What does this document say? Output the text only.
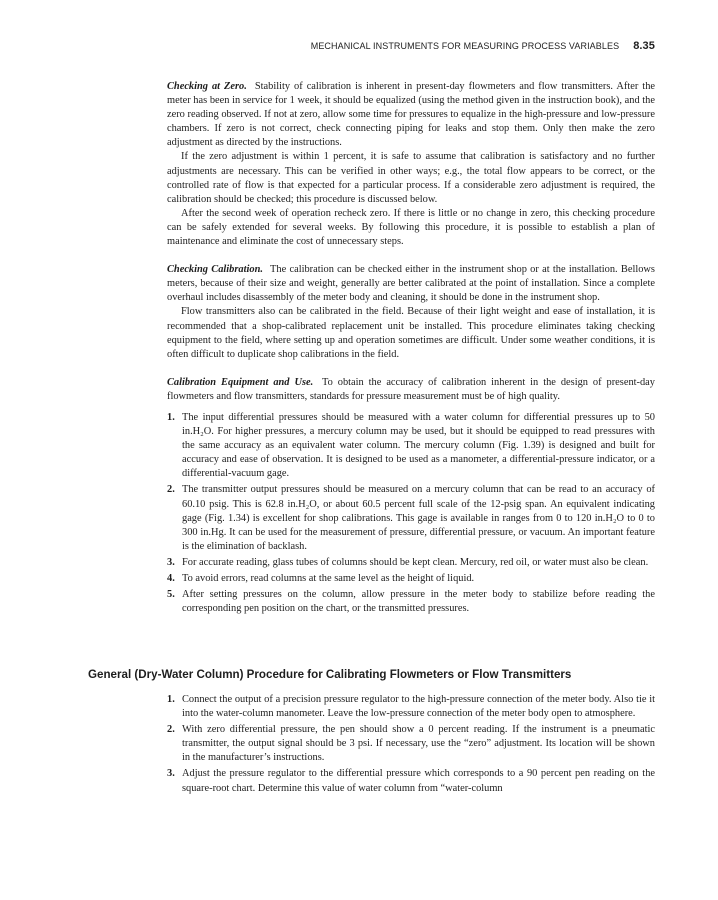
MECHANICAL INSTRUMENTS FOR MEASURING PROCESS VARIABLES 8.35

Checking at Zero. Stability of calibration is inherent in present-day flowmeters and flow transmitters. After the meter has been in service for 1 week, it should be equalized (using the method given in the instruction book), and the zero reading observed. If not at zero, allow some time for pressures to equalize in the high-pressure and low-pressure chambers. If zero is not correct, check connecting piping for leaks and stop them. Only then make the zero adjustment as directed by the instructions.

If the zero adjustment is within 1 percent, it is safe to assume that calibration is satisfactory and no further adjustments are necessary. This can be verified in other ways; e.g., the total flow appears to be correct, or the controlled rate of flow is that expected for a particular process. If a considerable zero adjustment is required, the calibration should be checked; this procedure is discussed below.

After the second week of operation recheck zero. If there is little or no change in zero, this checking procedure can be safely extended for several weeks. By following this procedure, it is possible to establish a plan of maintenance and eliminate the cost of unnecessary steps.

Checking Calibration. The calibration can be checked either in the instrument shop or at the installation. Bellows meters, because of their size and weight, generally are better calibrated at the point of installation. Since a complete overhaul includes disassembly of the meter body and cleaning, it should be done in the instrument shop.

Flow transmitters also can be calibrated in the field. Because of their light weight and ease of installation, it is recommended that a shop-calibrated replacement unit be installed. This procedure eliminates taking checking equipment to the field, where setting up and operation sometimes are difficult. Under some weather conditions, it is often difficult to duplicate shop calibrations in the field.

Calibration Equipment and Use. To obtain the accuracy of calibration inherent in the design of present-day flowmeters and flow transmitters, standards for pressure measurement must be of high quality.

1. The input differential pressures should be measured with a water column for differential pressures up to 50 in.H₂O. For higher pressures, a mercury column may be used, but it should be equipped to read pressures with the same accuracy as an equivalent water column. The mercury column (Fig. 1.39) is designed and built for accuracy and ease of observation. It is designed to be used as a manometer, a differential-pressure indicator, or a differential-vacuum gage.
2. The transmitter output pressures should be measured on a mercury column that can be read to an accuracy of 60.10 psig. This is 62.8 in.H₂O, or about 60.5 percent full scale of the 12-psig span. An equivalent indicating gage (Fig. 1.34) is excellent for shop calibrations. This gage is available in ranges from 0 to 120 in.H₂O to 0 to 300 in.Hg. It can be used for the measurement of pressure, differential pressure, or vacuum. An important feature is the elimination of backlash.
3. For accurate reading, glass tubes of columns should be kept clean. Mercury, red oil, or water must also be clean.
4. To avoid errors, read columns at the same level as the height of liquid.
5. After setting pressures on the column, allow pressure in the meter body to stabilize before reading the corresponding pen position on the chart, or the transmitted pressures.
General (Dry-Water Column) Procedure for Calibrating Flowmeters or Flow Transmitters
1. Connect the output of a precision pressure regulator to the high-pressure connection of the meter body. Also tie it into the water-column manometer. Leave the low-pressure connection of the meter body open to atmosphere.
2. With zero differential pressure, the pen should show a 0 percent reading. If the instrument is a pneumatic transmitter, the output signal should be 3 psi. If necessary, use the “zero” adjustment. Its location will be shown in the manufacturer’s instructions.
3. Adjust the pressure regulator to the differential pressure which corresponds to a 90 percent pen reading on the square-root chart. Determine this value of water column from “water-column
